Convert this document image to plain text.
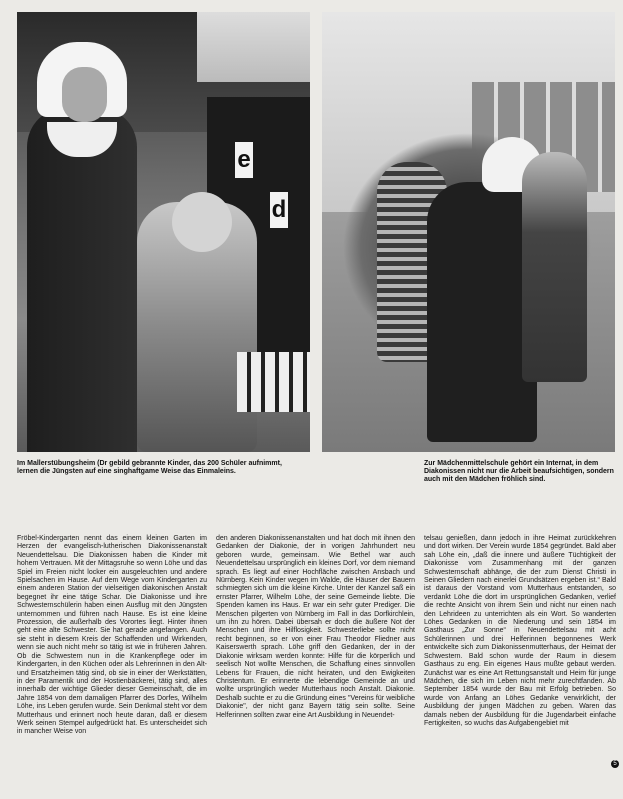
e
d
Im Mallerstübungsheim (Dr gebild gebrannte Kinder, das 200 Schüler aufnimmt, lernen die Jüngsten auf eine singhaftgame Weise das Einmaleins.
Zur Mädchenmittelschule gehört ein Internat, in dem Diakonissen nicht nur die Arbeit beaufsichtigen, sondern auch mit den Mädchen fröhlich sind.

Fröbel-Kindergarten nennt das einem kleinen Garten im Herzen der evangelisch-lutherischen Diakonissenanstalt Neuendettelsau. Die Diakonissen haben die Kinder mit hohem Vertrauen. Mit der Mittagsruhe so wenn Löhe und das Spiel im Freien nicht locker ein ausgeleuchten und andere Spielsachen im Hause. Auf dem Wege vom Kindergarten zu einem anderen Station der vielseitigen diakonischen Anstalt begegnet ihr eine tätige Schar. Die Diakonisse und ihre Schwesternschülerin haben einen Ausflug mit den Jüngsten unternommen und führen nach Hause. Es ist eine kleine Prozession, die außerhalb des Vorortes liegt. Hinter ihnen geht eine alte Schwester. Sie hat gerade angefangen. Auch sie steht in diesem Kreis der Schaffenden und Wirkenden, wenn sie auch nicht mehr so tätig ist wie in früheren Jahren. Ob die Schwestern nun in die Krankenpflege oder im Kindergarten, in den Küchen oder als Lehrerinnen in den Alt- und Ersatzheimen tätig sind, ob sie in einer der Werkstätten, in der Paramentik und der Hostienbäckerei, tätig sind, alles innerhalb der wichtige Glieder dieser Gemeinschaft, die im Jahre 1854 von dem damaligen Pfarrer des Dorfes, Wilhelm Löhe, ins Leben gerufen wurde. Sein Denkmal steht vor dem Mutterhaus und erinnert noch heute daran, daß er diesem Werk seinen Stempel aufgedrückt hat. Es unterscheidet sich in mancher Weise von

den anderen Diakonissenanstalten und hat doch mit ihnen den Gedanken der Diakonie, der in vorigen Jahrhundert neu geboren wurde, gemeinsam. Wie Bethel war auch Neuendettelsau ursprünglich ein kleines Dorf, vor dem niemand sprach. Es liegt auf einer Hochfläche zwischen Ansbach und Nürnberg. Kein Kinder wegen im Walde, die Häuser der Bauern schmiegten sich um die kleine Kirche. Unter der Kanzel saß ein ernster Pfarrer, Wilhelm Löhe, der seine Gemeinde liebte. Die Spenden kamen ins Haus. Er war ein sehr guter Prediger. Die Menschen pilgerten von Nürnberg im Fall in das Dorfkirchlein, um ihn zu hören. Dabei übersah er doch die äußere Not der Menschen und ihre Hilflosigkeit. Schwesterliebe sollte nicht recht beginnen, so er von einer Frau Theodor Fliedner aus Kaiserswerth sprach. Löhe griff den Gedanken, der in der Diakonie wirksam werden konnte: Hilfe für die körperlich und seelisch Not wollte Menschen, die Schaffung eines sinnvollen Lebens für Frauen, die nicht heiraten, und den Ewigkeiten Christentum. Er erinnerte die lebendige Gemeinde an und wollte ursprünglich weder Mutterhaus noch Anstalt. Diakonie. Deshalb suchte er zu die Gründung eines "Vereins für weibliche Diakonie", der nicht ganz Bayern tätig sein sollte. Seine Helferinnen sollten zwar eine Art Ausbildung in Neuendet-

telsau genießen, dann jedoch in ihre Heimat zurückkehren und dort wirken. Der Verein wurde 1854 gegründet. Bald aber sah Löhe ein, „daß die innere und äußere Tüchtigkeit der Diakonisse vom Zusammenhang mit der ganzen Schwesternschaft abhänge, die der zum Dienst Christi in Seinen Gliedern nach einerlei Grundsätzen ergeben ist.“ Bald ist daraus der Vorstand vom Mutterhaus entstanden, so verdankt Löhe die dort im ursprünglichen Gedanken, verlief die rechte Ansicht von ihrem Sein und nicht nur einen nach den Lehrideen zu unterrichten als ein Wort. So wanderten Löhes Gedanken in die Niederung und sein 1854 im Gasthaus „Zur Sonne“ in Neuendettelsau mit acht Schülerinnen und drei Helferinnen begonnenes Werk entwickelte sich zum Diakonissenmutterhaus, der Heimat der Schwestern. Bald schon wurde der Raum in diesem Gasthaus zu eng. Ein eigenes Haus mußte gebaut werden. Zunächst war es eine Art Rettungsanstalt und Heim für junge Mädchen, die sich im Leben nicht mehr zurechtfanden. Ab September 1854 wurde der Bau mit Erfolg betrieben. So wurde von Anfang an Löhes Gedanke verwirklicht, der Ausbildung der jungen Mädchen zu geben. Waren das damals neben der Ausbildung für die Jugendarbeit einfache Fertigkeiten, so wuchs das Aufgabengebiet mit

5
